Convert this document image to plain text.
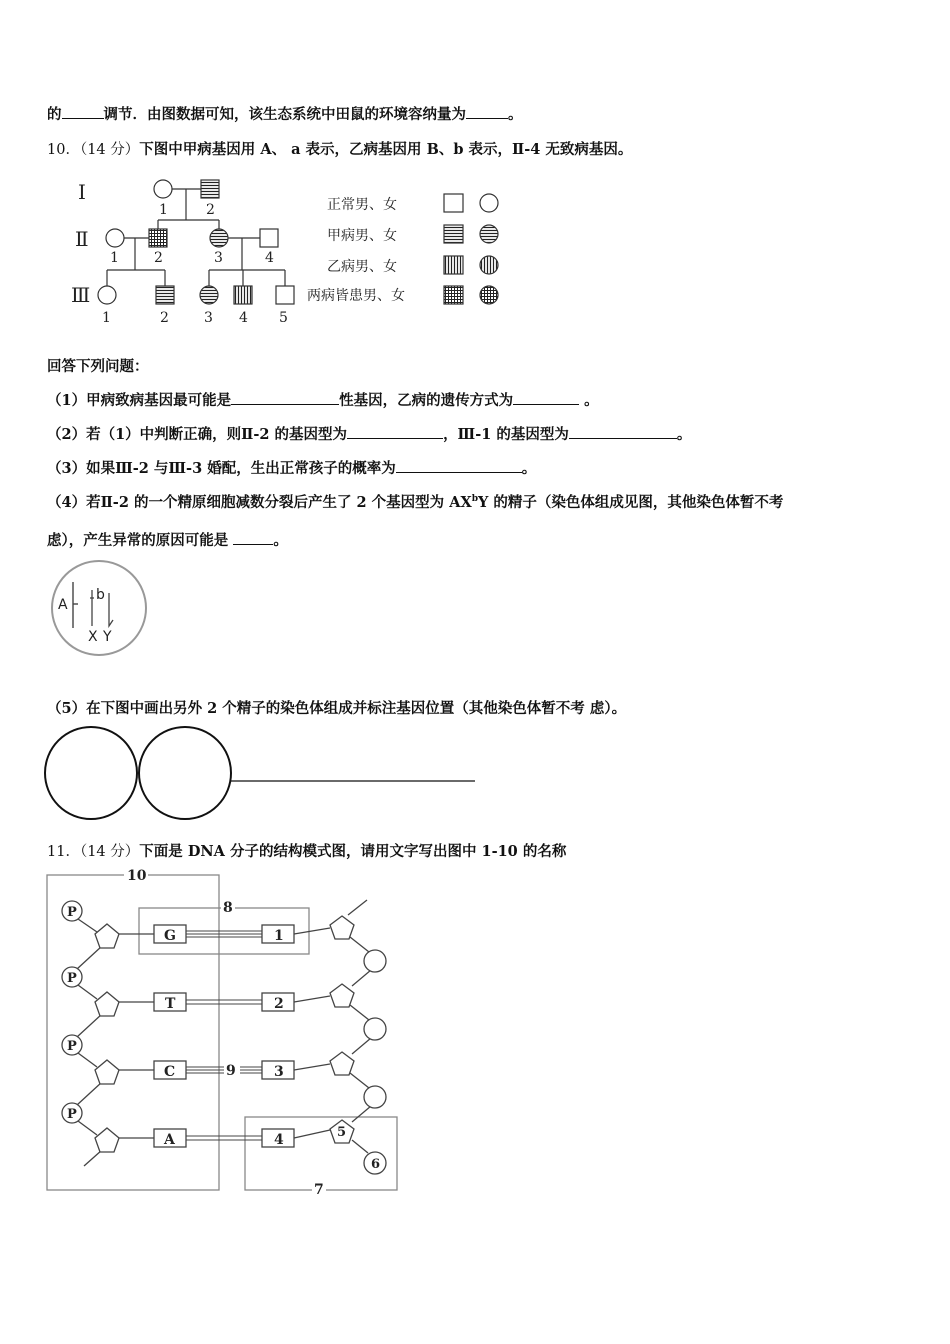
的	调节．由图数据可知，该生态系统中田鼠的环境容纳量为	。
10．（14 分）下图中甲病基因用 A、 a 表示，乙病基因用 B、b 表示，Ⅱ-4 无致病基因。
Ⅰ
1	2
Ⅱ
1	2	3	4
Ⅲ
1	2	3 4 5
正常男、女
甲病男、女
乙病男、女
两病皆患男、女
回答下列问题：
（1）甲病致病基因最可能是	性基因，乙病的遗传方式为	。
（2）若（1）中判断正确，则Ⅱ-2 的基因型为	，Ⅲ-1 的基因型为	。
（3）如果Ⅲ-2 与Ⅲ-3 婚配，生出正常孩子的概率为	。
（4）若Ⅱ-2 的一个精原细胞减数分裂后产生了 2 个基因型为 $AX^bY$ 的精子（染色体组成见图，其他染色体暂不考
虑），产生异常的原因可能是	。
A
b
X Y
（5）在下图中画出另外 2 个精子的染色体组成并标注基因位置（其他染色体暂不考 虑）。
11．（14 分）下面是 DNA 分子的结构模式图，请用文字写出图中 1-10 的名称
10
8
7
9
P
P
P
P
G
T
C
A
1
2
3
4	5
6
